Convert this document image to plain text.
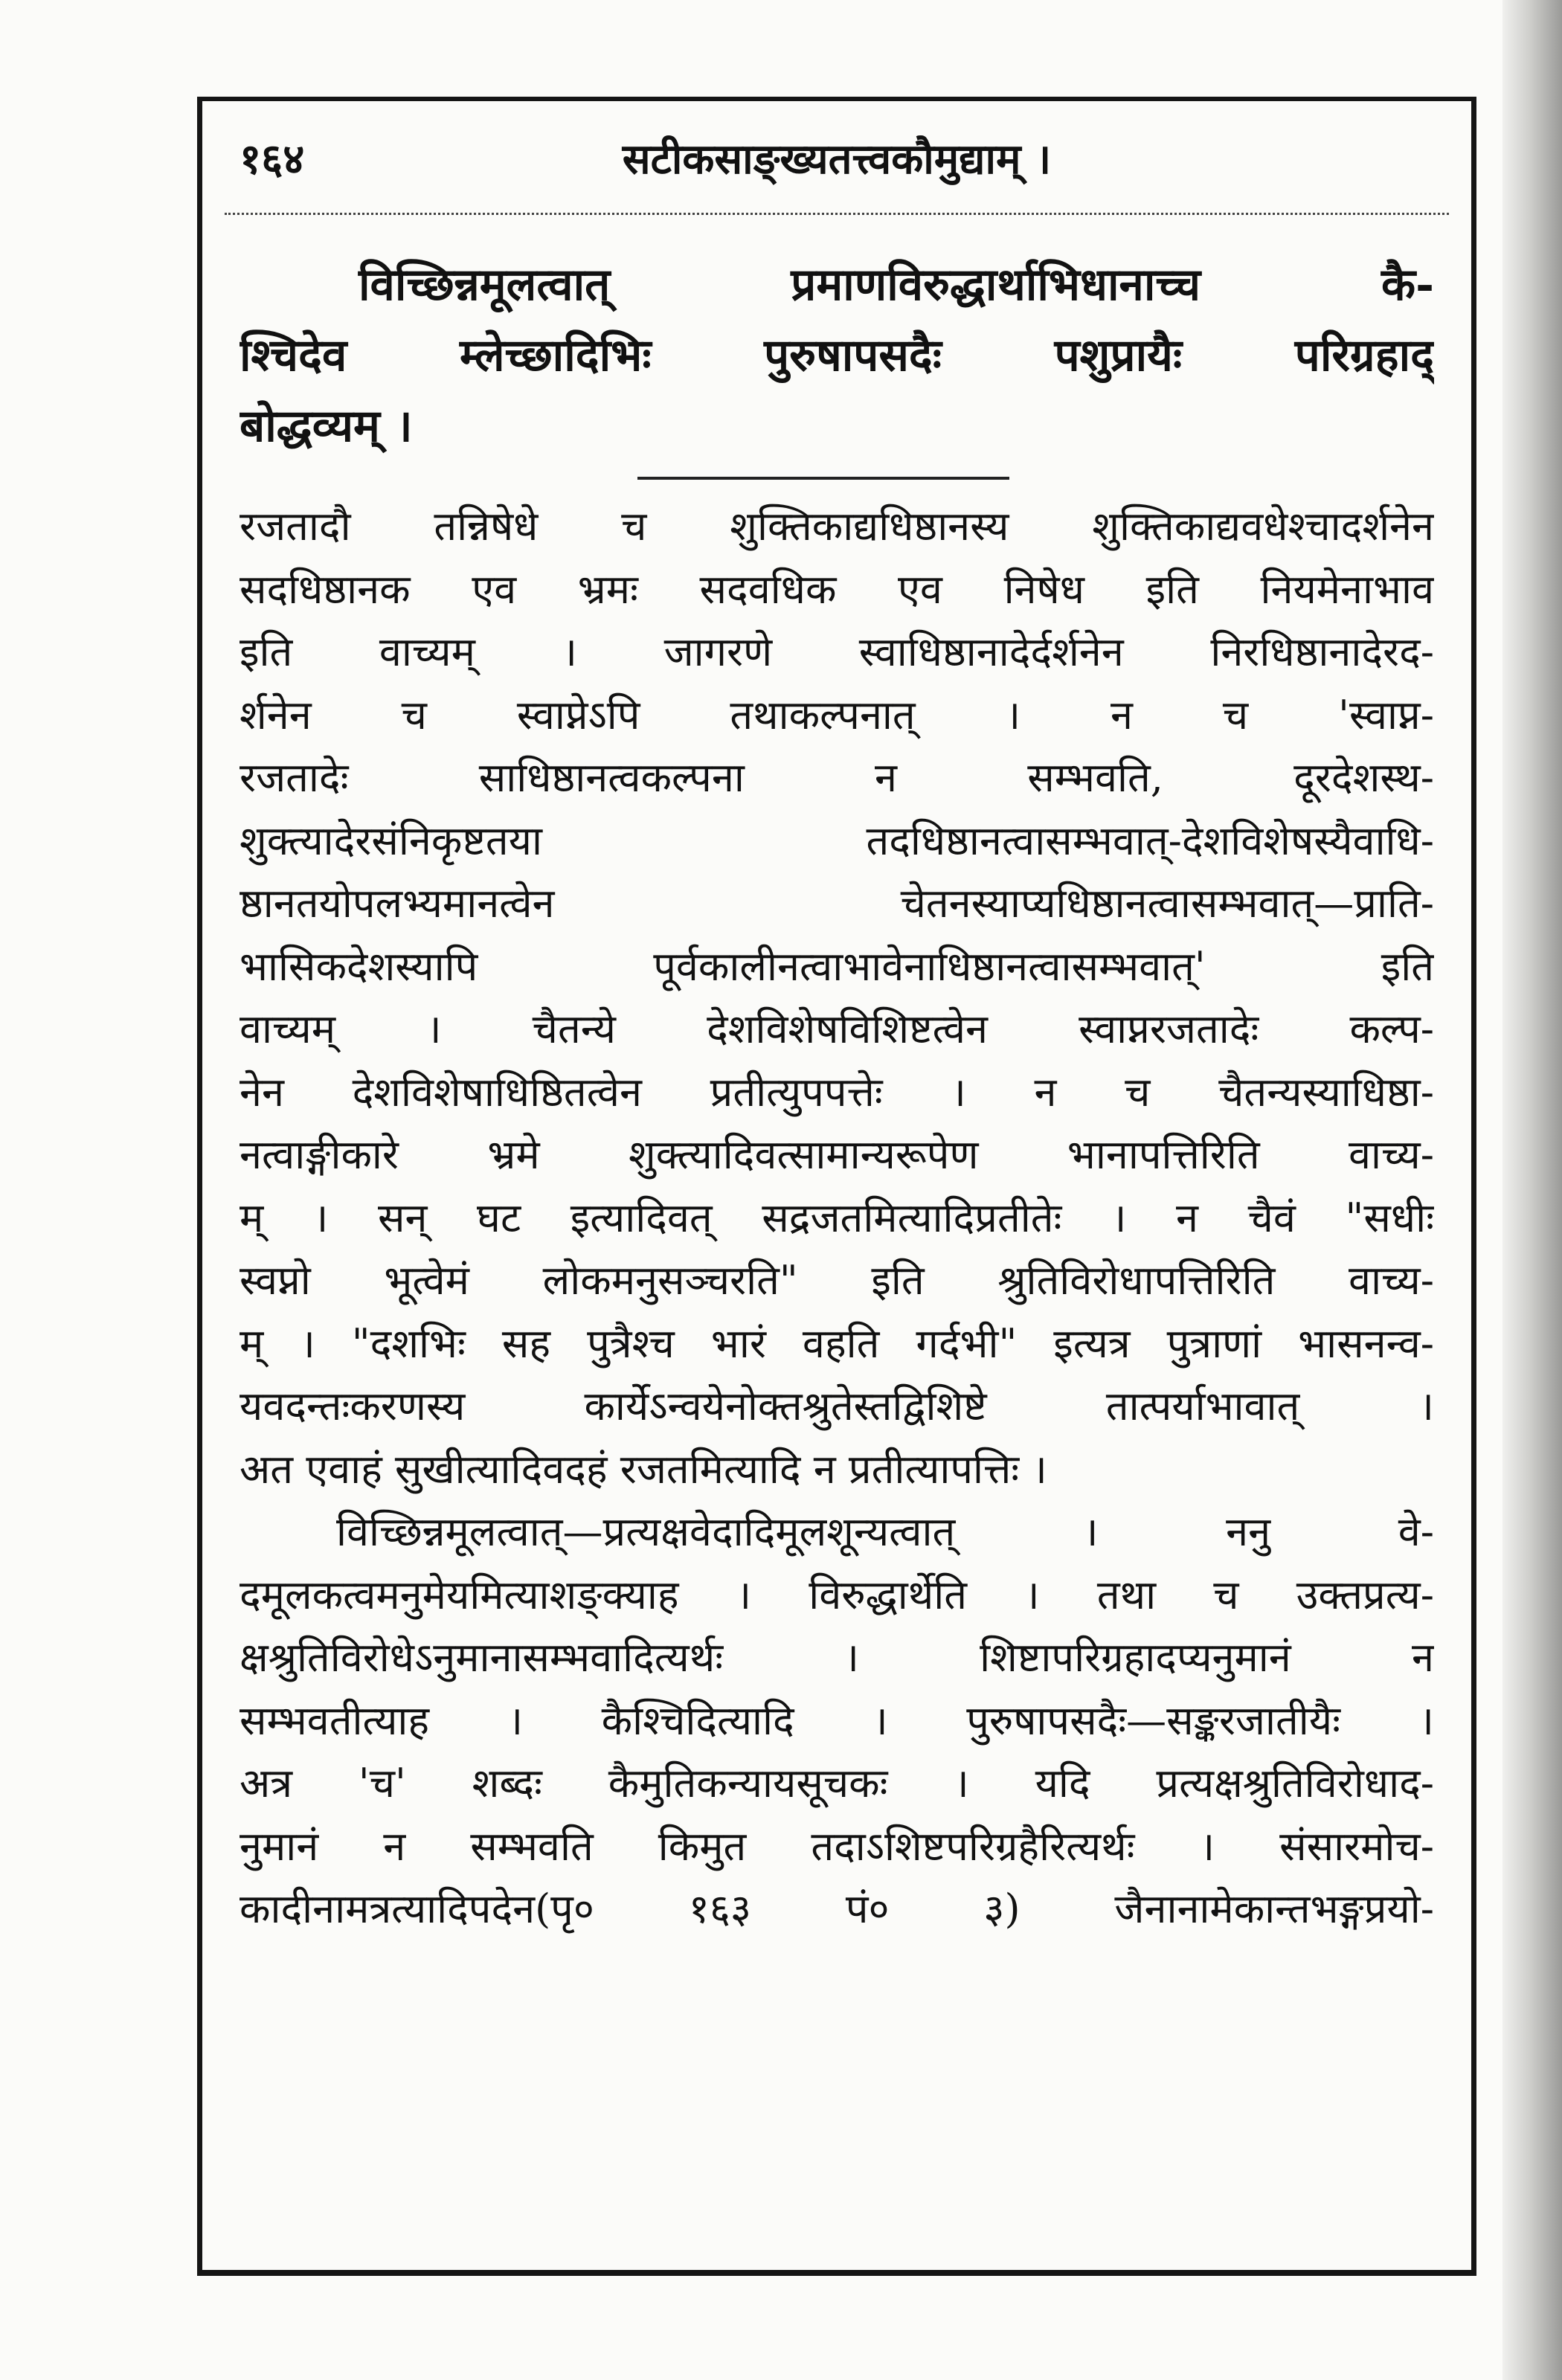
१६४	सटीकसाङ्ख्यतत्त्वकौमुद्याम् ।
विच्छिन्नमूलत्वात् प्रमाणविरुद्धार्थाभिधानाच्च कै-
श्चिदेव म्लेच्छादिभिः पुरुषापसदैः पशुप्रायैः परिग्रहाद्
बोद्धव्यम् ।
रजतादौ तन्निषेधे च शुक्तिकाद्यधिष्ठानस्य शुक्तिकाद्यवधेश्चादर्शनेन
सदधिष्ठानक एव भ्रमः सदवधिक एव निषेध इति नियमेनाभाव
इति वाच्यम् । जागरणे स्वाधिष्ठानादेर्दर्शनेन निरधिष्ठानादेरद-
र्शनेन च स्वाप्नेऽपि तथाकल्पनात् । न च 'स्वाप्न-
रजतादेः साधिष्ठानत्वकल्पना न सम्भवति, दूरदेशस्थ-
शुक्त्यादेरसंनिकृष्टतया तदधिष्ठानत्वासम्भवात्-देशविशेषस्यैवाधि-
ष्ठानतयोपलभ्यमानत्वेन चेतनस्याप्यधिष्ठानत्वासम्भवात्—प्राति-
भासिकदेशस्यापि पूर्वकालीनत्वाभावेनाधिष्ठानत्वासम्भवात्' इति
वाच्यम् । चैतन्ये देशविशेषविशिष्टत्वेन स्वाप्नरजतादेः कल्प-
नेन देशविशेषाधिष्ठितत्वेन प्रतीत्युपपत्तेः । न च चैतन्यस्याधिष्ठा-
नत्वाङ्गीकारे भ्रमे शुक्त्यादिवत्सामान्यरूपेण भानापत्तिरिति वाच्य-
म् । सन् घट इत्यादिवत् सद्रजतमित्यादिप्रतीतेः । न चैवं "सधीः
स्वप्नो भूत्वेमं लोकमनुसञ्चरति" इति श्रुतिविरोधापत्तिरिति वाच्य-
म् । "दशभिः सह पुत्रैश्च भारं वहति गर्दभी" इत्यत्र पुत्राणां भासनन्व-
यवदन्तःकरणस्य कार्येऽन्वयेनोक्तश्रुतेस्तद्विशिष्टे तात्पर्याभावात् ।
अत एवाहं सुखीत्यादिवदहं रजतमित्यादि न प्रतीत्यापत्तिः ।
विच्छिन्नमूलत्वात्—प्रत्यक्षवेदादिमूलशून्यत्वात् । ननु वे-
दमूलकत्वमनुमेयमित्याशङ्क्याह । विरुद्धार्थेति । तथा च उक्तप्रत्य-
क्षश्रुतिविरोधेऽनुमानासम्भवादित्यर्थः । शिष्टापरिग्रहादप्यनुमानं न
सम्भवतीत्याह । कैश्चिदित्यादि । पुरुषापसदैः—सङ्करजातीयैः ।
अत्र 'च' शब्दः कैमुतिकन्यायसूचकः । यदि प्रत्यक्षश्रुतिविरोधाद-
नुमानं न सम्भवति किमुत तदाऽशिष्टपरिग्रहैरित्यर्थः । संसारमोच-
कादीनामत्रत्यादिपदेन(पृ० १६३ पं० ३) जैनानामेकान्तभङ्गप्रयो-
